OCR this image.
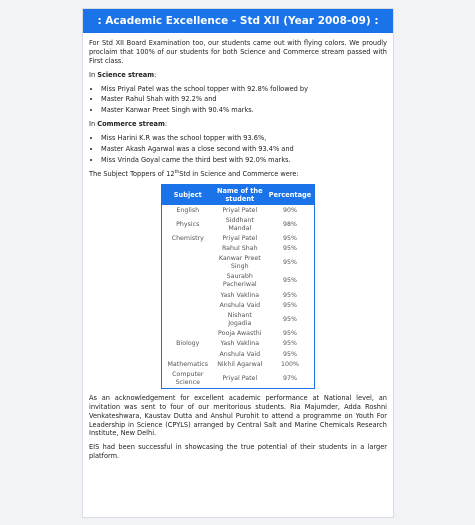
: Academic Excellence - Std XII (Year 2008-09) :

For Std XII Board Examination too, our students came out with flying colors. We proudly proclaim that 100% of our students for both Science and Commerce stream passed with First class.

In Science stream:

• Miss Priyal Patel was the school topper with 92.8% followed by
• Master Rahul Shah with 92.2% and
• Master Kanwar Preet Singh with 90.4% marks.

In Commerce stream:

• Miss Harini K.R was the school topper with 93.6%,
• Master Akash Agarwal was a close second with 93.4% and
• Miss Vrinda Goyal came the third best with 92.0% marks.

The Subject Toppers of 12thStd in Science and Commerce were:

Subject	Name of the student	Percentage
English	Priyal Patel	90%
Physics	Siddhant Mandal	98%
Chemistry	Priyal Patel	95%
	Rahul Shah	95%
	Kanwar Preet Singh	95%
	Saurabh Pacheriwal	95%
	Yash Vaklina	95%
	Anshula Vaid	95%
	Nishant Jogadia	95%
	Pooja Awasthi	95%
Biology	Yash Vaklina	95%
	Anshula Vaid	95%
Mathematics	Nikhil Agarwal	100%
Computer Science	Priyal Patel	97%

As an acknowledgement for excellent academic performance at National level, an invitation was sent to four of our meritorious students. Ria Majumder, Adda Roshni Venkateshwara, Kaustav Dutta and Anshul Purohit to attend a programme on Youth For Leadership in Science (CPYLS) arranged by Central Salt and Marine Chemicals Research Institute, New Delhi.

EIS had been successful in showcasing the true potential of their students in a larger platform.
